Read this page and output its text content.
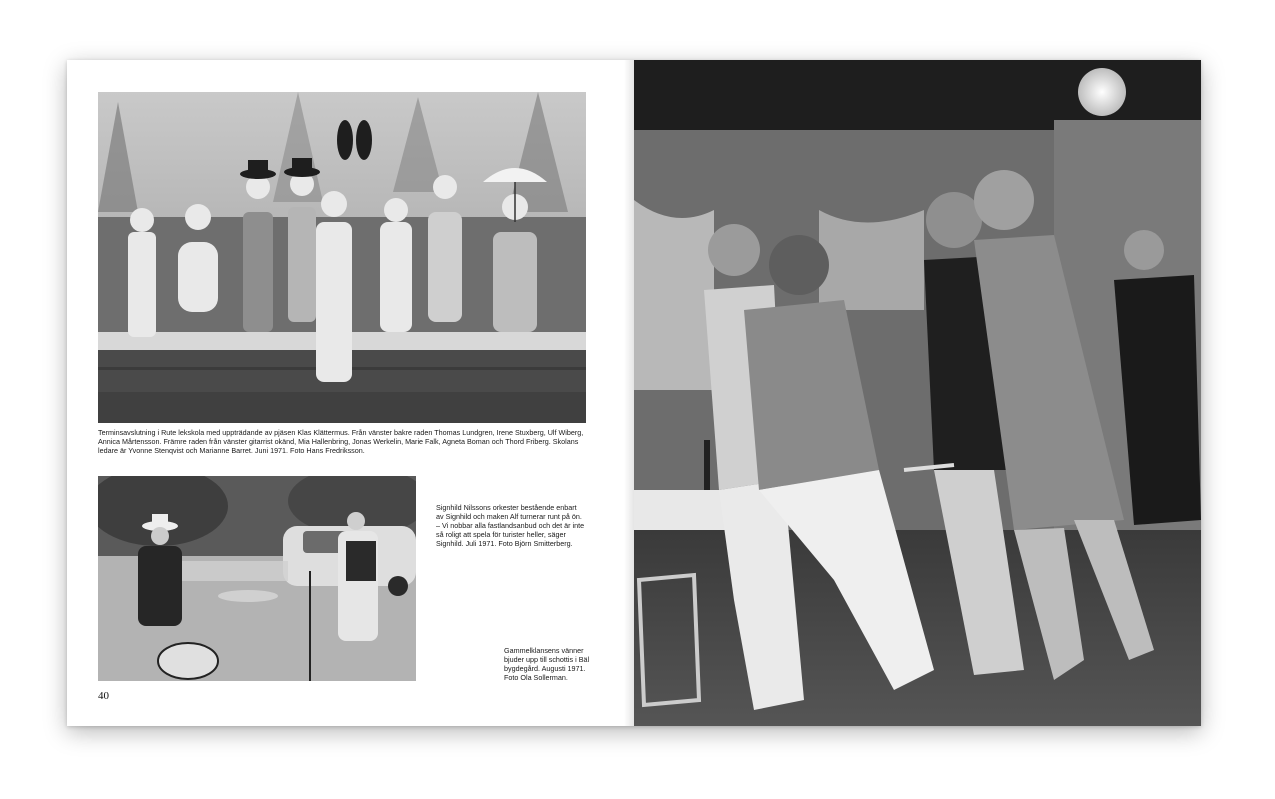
Terminsavslutning i Rute lekskola med uppträdande av pjäsen Klas Klättermus. Från vänster bakre raden Thomas Lundgren, Irene Stuxberg, Ulf Wiberg, Annica Mårtensson. Främre raden från vänster gitarrist okänd, Mia Hallenbring, Jonas Werkelin, Marie Falk, Agneta Boman och Thord Friberg. Skolans ledare är Yvonne Stenqvist och Marianne Barret. Juni 1971. Foto Hans Fredriksson.

Signhild Nilssons orkester bestående enbart av Signhild och maken Alf turnerar runt på ön. – Vi nobbar alla fastlandsanbud och det är inte så roligt att spela för turister heller, säger Signhild. Juli 1971. Foto Björn Smitterberg.

Gammelklansens vänner bjuder upp till schottis i Bäl bygdegård. Augusti 1971. Foto Ola Sollerman.

40
